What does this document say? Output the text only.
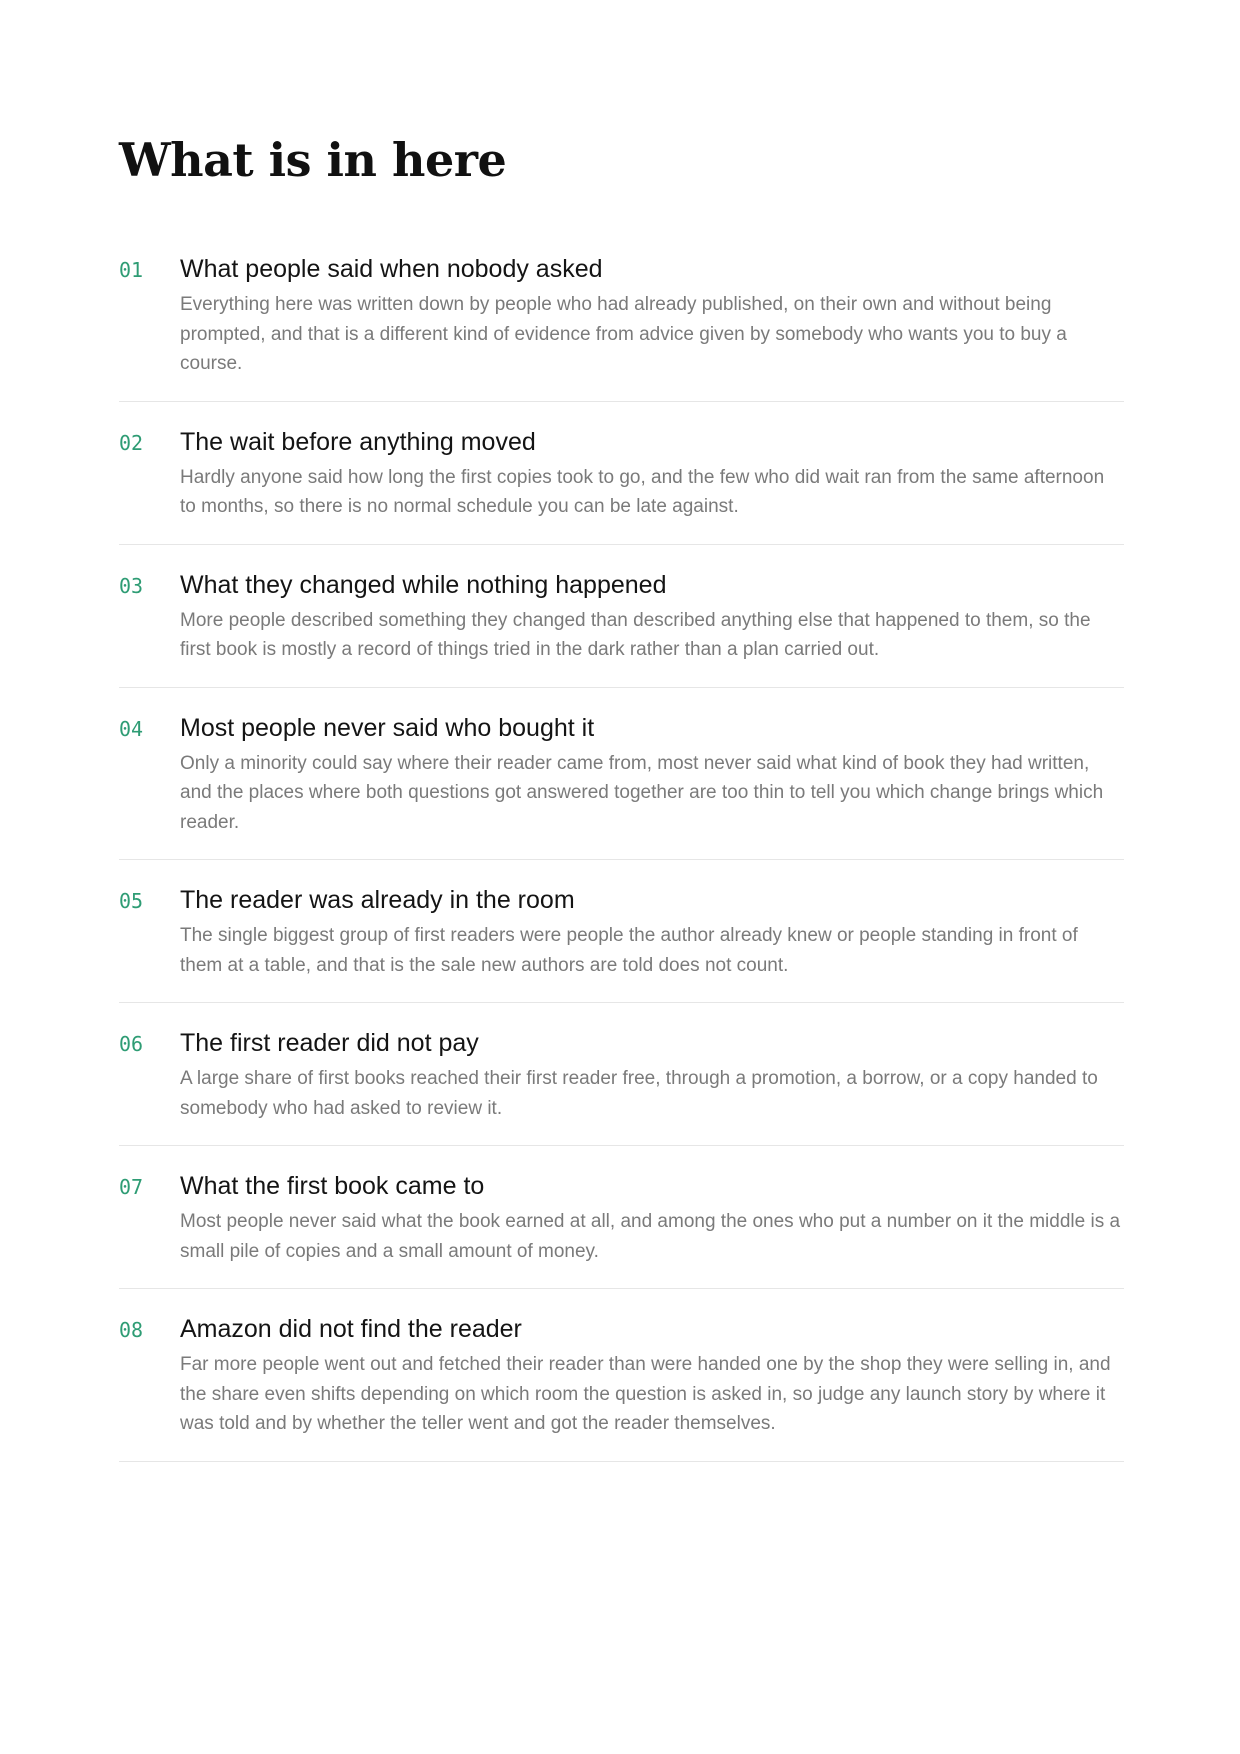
What is in here
01	What people said when nobody asked

Everything here was written down by people who had already published, on their own and without being prompted, and that is a different kind of evidence from advice given by somebody who wants you to buy a course.

02	The wait before anything moved

Hardly anyone said how long the first copies took to go, and the few who did wait ran from the same afternoon to months, so there is no normal schedule you can be late against.

03	What they changed while nothing happened

More people described something they changed than described anything else that happened to them, so the first book is mostly a record of things tried in the dark rather than a plan carried out.

04	Most people never said who bought it

Only a minority could say where their reader came from, most never said what kind of book they had written, and the places where both questions got answered together are too thin to tell you which change brings which reader.

05	The reader was already in the room

The single biggest group of first readers were people the author already knew or people standing in front of them at a table, and that is the sale new authors are told does not count.

06	The first reader did not pay

A large share of first books reached their first reader free, through a promotion, a borrow, or a copy handed to somebody who had asked to review it.

07	What the first book came to

Most people never said what the book earned at all, and among the ones who put a number on it the middle is a small pile of copies and a small amount of money.

08	Amazon did not find the reader

Far more people went out and fetched their reader than were handed one by the shop they were selling in, and the share even shifts depending on which room the question is asked in, so judge any launch story by where it was told and by whether the teller went and got the reader themselves.
